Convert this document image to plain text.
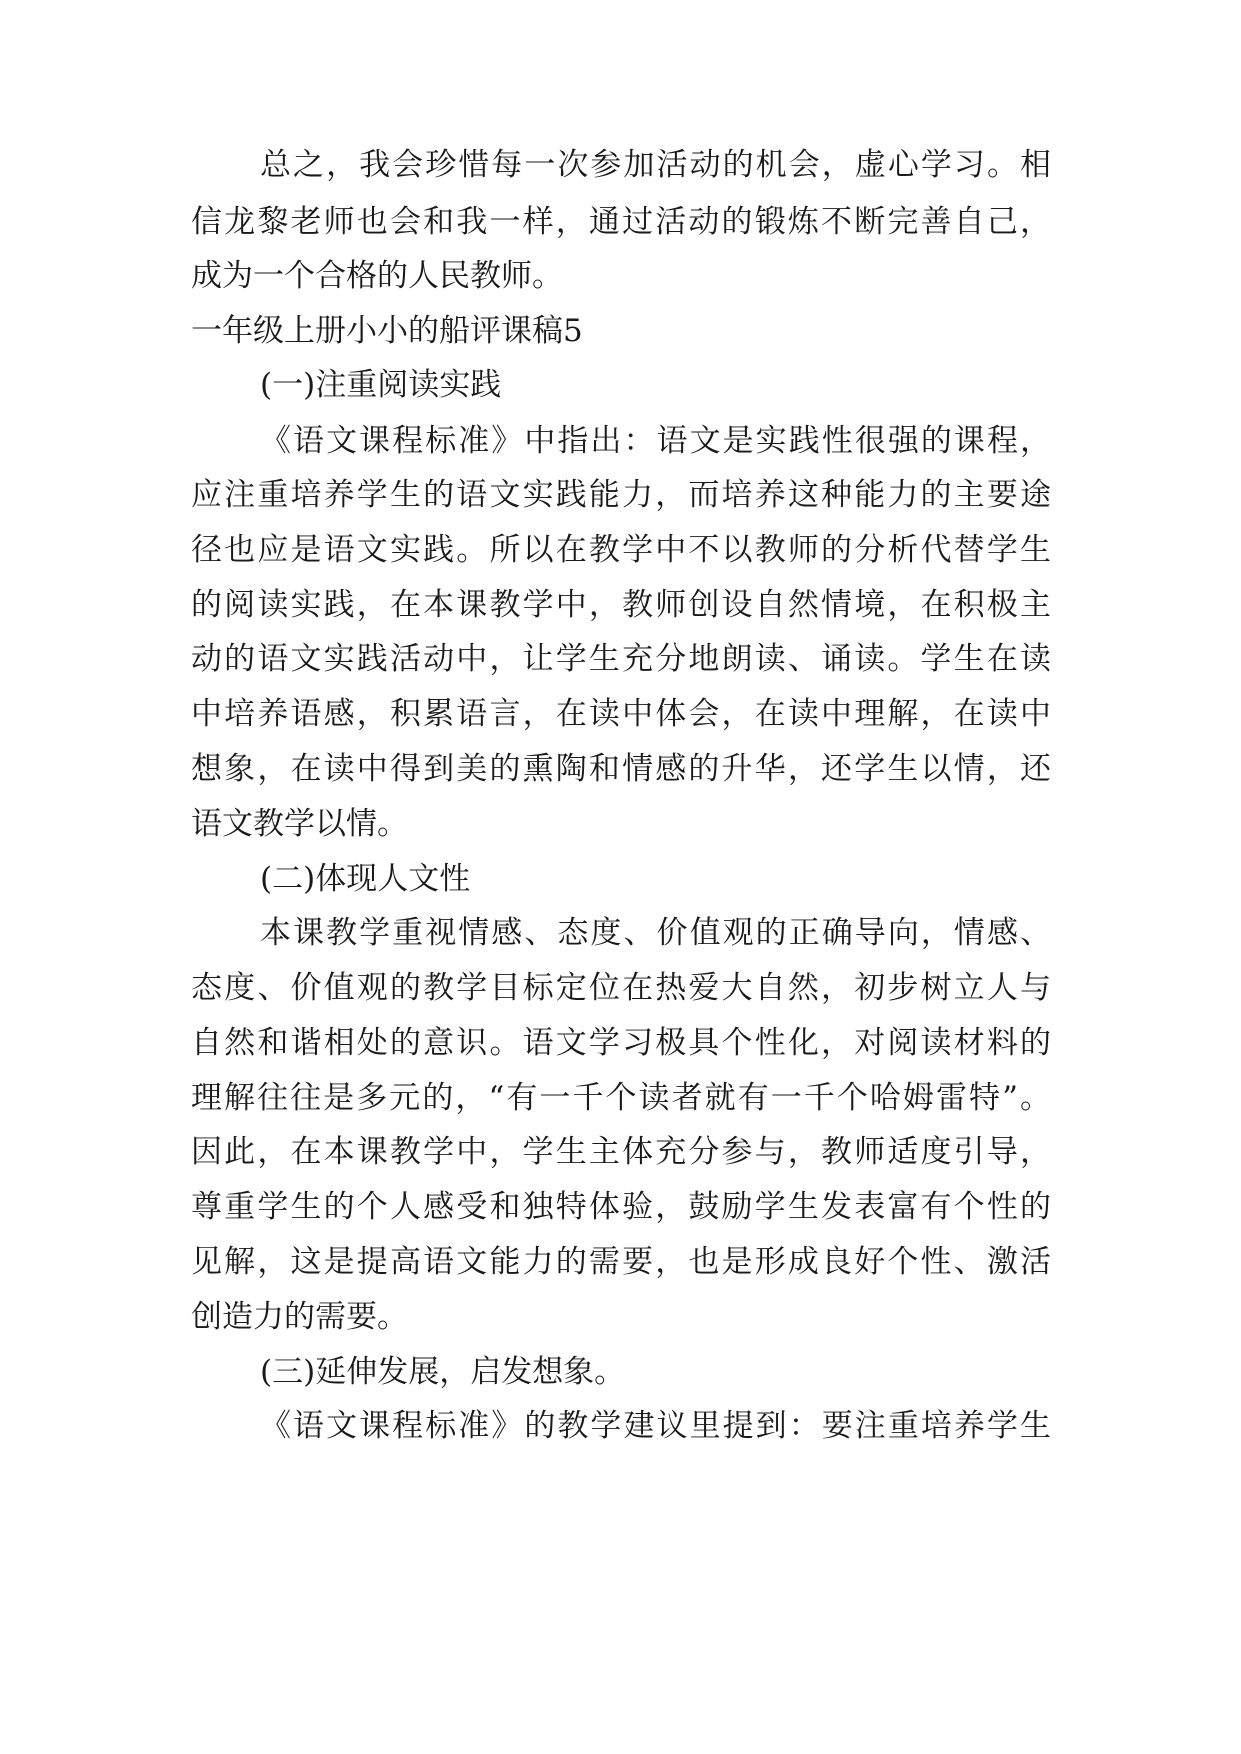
总之，我会珍惜每一次参加活动的机会，虚心学习。相

信龙黎老师也会和我一样，通过活动的锻炼不断完善自己，

成为一个合格的人民教师。

一年级上册小小的船评课稿5

(一)注重阅读实践

《语文课程标准》中指出：语文是实践性很强的课程，

应注重培养学生的语文实践能力，而培养这种能力的主要途

径也应是语文实践。所以在教学中不以教师的分析代替学生

的阅读实践，在本课教学中，教师创设自然情境，在积极主

动的语文实践活动中，让学生充分地朗读、诵读。学生在读

中培养语感，积累语言，在读中体会，在读中理解，在读中

想象，在读中得到美的熏陶和情感的升华，还学生以情，还

语文教学以情。

(二)体现人文性

本课教学重视情感、态度、价值观的正确导向，情感、

态度、价值观的教学目标定位在热爱大自然，初步树立人与

自然和谐相处的意识。语文学习极具个性化，对阅读材料的

理解往往是多元的，“有一千个读者就有一千个哈姆雷特”。

因此，在本课教学中，学生主体充分参与，教师适度引导，

尊重学生的个人感受和独特体验，鼓励学生发表富有个性的

见解，这是提高语文能力的需要，也是形成良好个性、激活

创造力的需要。

(三)延伸发展，启发想象。

《语文课程标准》的教学建议里提到：要注重培养学生
